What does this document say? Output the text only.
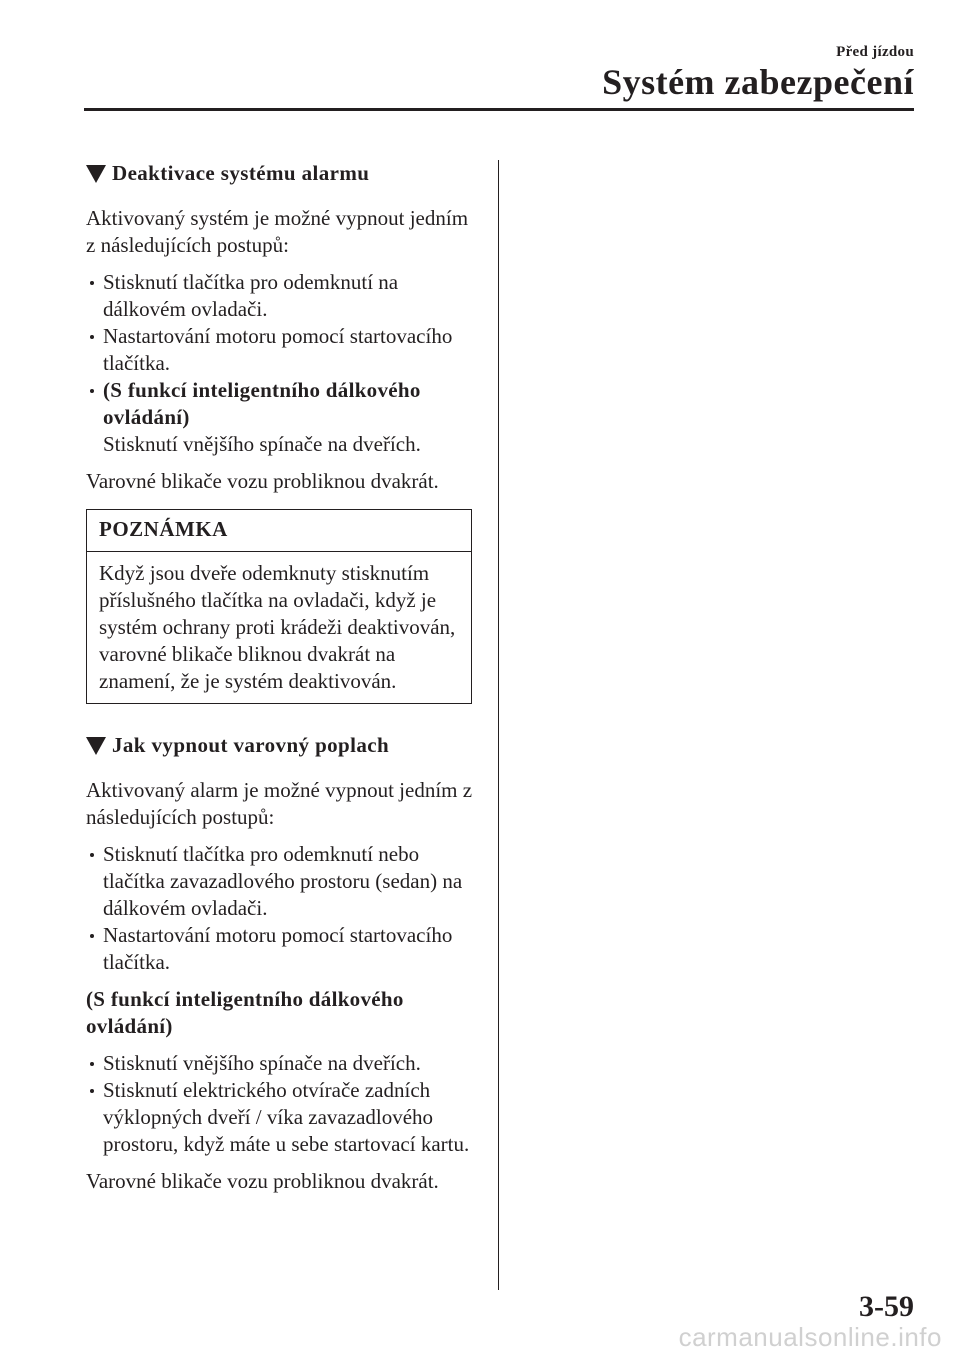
Před jízdou
Systém zabezpečení
Deaktivace systému alarmu

Aktivovaný systém je možné vypnout jedním z následujících postupů:

Stisknutí tlačítka pro odemknutí na dálkovém ovladači.
Nastartování motoru pomocí startovacího tlačítka.
(S funkcí inteligentního dálkového ovládání)
Stisknutí vnějšího spínače na dveřích.

Varovné blikače vozu probliknou dvakrát.

POZNÁMKA
Když jsou dveře odemknuty stisknutím příslušného tlačítka na ovladači, když je systém ochrany proti krádeži deaktivován, varovné blikače bliknou dvakrát na znamení, že je systém deaktivován.
Jak vypnout varovný poplach

Aktivovaný alarm je možné vypnout jedním z následujících postupů:

Stisknutí tlačítka pro odemknutí nebo tlačítka zavazadlového prostoru (sedan) na dálkovém ovladači.
Nastartování motoru pomocí startovacího tlačítka.

(S funkcí inteligentního dálkového ovládání)

Stisknutí vnějšího spínače na dveřích.
Stisknutí elektrického otvírače zadních výklopných dveří / víka zavazadlového prostoru, když máte u sebe startovací kartu.

Varovné blikače vozu probliknou dvakrát.

3-59
carmanualsonline.info
